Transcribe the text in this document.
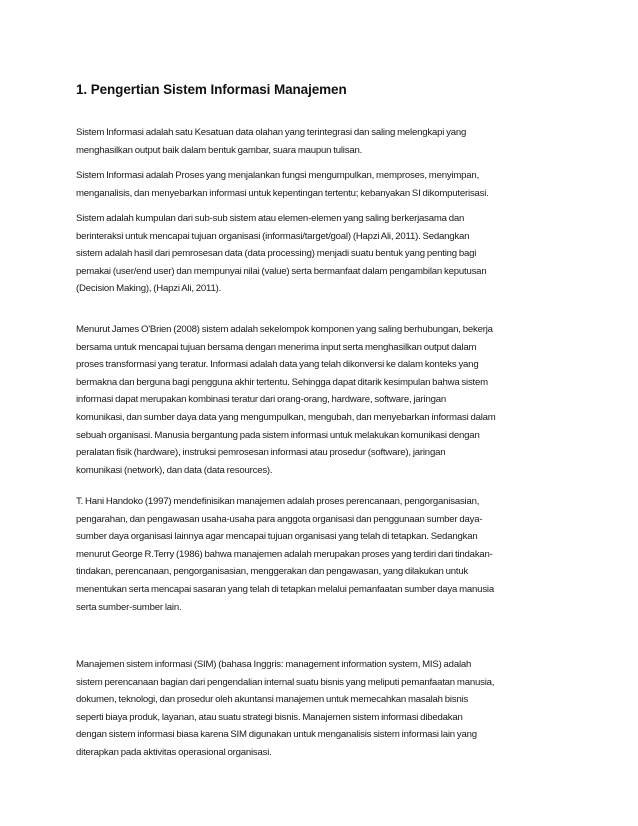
1. Pengertian Sistem Informasi Manajemen

Sistem Informasi adalah satu Kesatuan data olahan yang terintegrasi dan saling melengkapi yang
menghasilkan output baik dalam bentuk gambar, suara maupun tulisan.

Sistem Informasi adalah Proses yang menjalankan fungsi mengumpulkan, memproses, menyimpan,
menganalisis, dan menyebarkan informasi untuk kepentingan tertentu; kebanyakan SI dikomputerisasi.

Sistem adalah kumpulan dari sub-sub sistem atau elemen-elemen yang saling berkerjasama dan
berinteraksi untuk mencapai tujuan organisasi (informasi/target/goal) (Hapzi Ali, 2011). Sedangkan
sistem adalah hasil dari pemrosesan data (data processing) menjadi suatu bentuk yang penting bagi
pemakai (user/end user) dan mempunyai nilai (value) serta bermanfaat dalam pengambilan keputusan
(Decision Making), (Hapzi Ali, 2011).

Menurut James O'Brien (2008) sistem adalah sekelompok komponen yang saling berhubungan, bekerja
bersama untuk mencapai tujuan bersama dengan menerima input serta menghasilkan output dalam
proses transformasi yang teratur. Informasi adalah data yang telah dikonversi ke dalam konteks yang
bermakna dan berguna bagi pengguna akhir tertentu. Sehingga dapat ditarik kesimpulan bahwa sistem
informasi dapat merupakan kombinasi teratur dari orang-orang, hardware, software, jaringan
komunikasi, dan sumber daya data yang mengumpulkan, mengubah, dan menyebarkan informasi dalam
sebuah organisasi. Manusia bergantung pada sistem informasi untuk melakukan komunikasi dengan
peralatan fisik (hardware), instruksi pemrosesan informasi atau prosedur (software), jaringan
komunikasi (network), dan data (data resources).

T. Hani Handoko (1997) mendefinisikan manajemen adalah proses perencanaan, pengorganisasian,
pengarahan, dan pengawasan usaha-usaha para anggota organisasi dan penggunaan sumber daya-
sumber daya organisasi lainnya agar mencapai tujuan organisasi yang telah di tetapkan. Sedangkan
menurut George R.Terry (1986) bahwa manajemen adalah merupakan proses yang terdiri dari tindakan-
tindakan, perencanaan, pengorganisasian, menggerakan dan pengawasan, yang dilakukan untuk
menentukan serta mencapai sasaran yang telah di tetapkan melalui pemanfaatan sumber daya manusia
serta sumber-sumber lain.

Manajemen sistem informasi (SIM) (bahasa Inggris: management information system, MIS) adalah
sistem perencanaan bagian dari pengendalian internal suatu bisnis yang meliputi pemanfaatan manusia,
dokumen, teknologi, dan prosedur oleh akuntansi manajemen untuk memecahkan masalah bisnis
seperti biaya produk, layanan, atau suatu strategi bisnis. Manajemen sistem informasi dibedakan
dengan sistem informasi biasa karena SIM digunakan untuk menganalisis sistem informasi lain yang
diterapkan pada aktivitas operasional organisasi.
